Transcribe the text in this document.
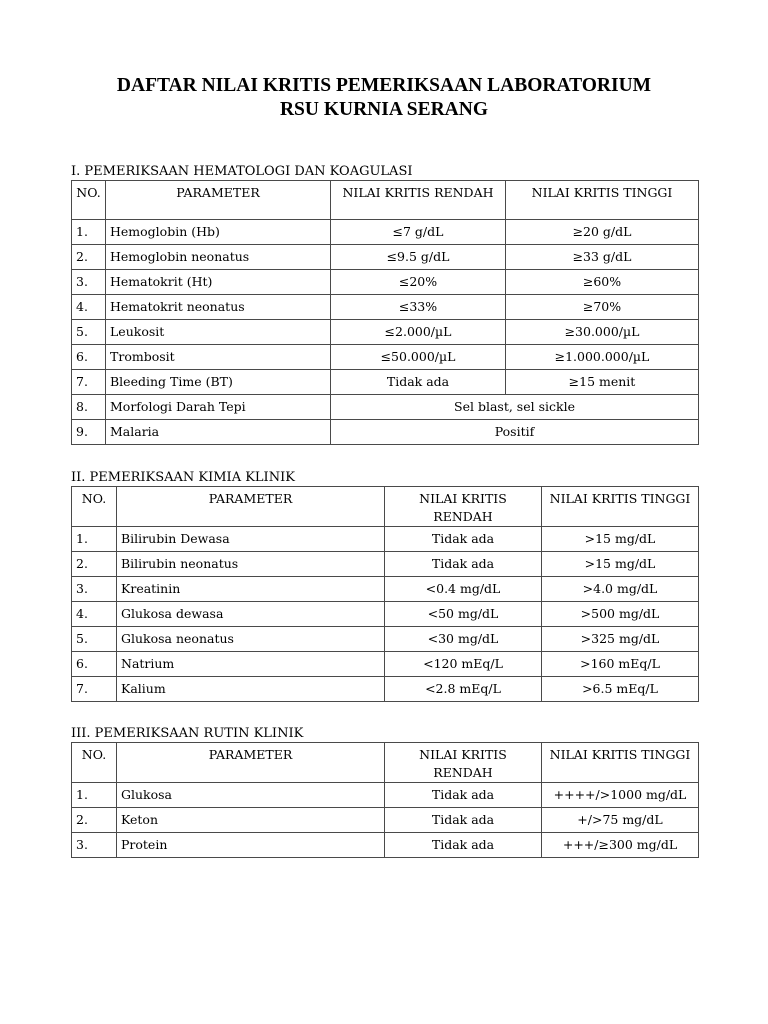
DAFTAR NILAI KRITIS PEMERIKSAAN LABORATORIUM
RSU KURNIA SERANG
I. PEMERIKSAAN HEMATOLOGI DAN KOAGULASI
NO.	PARAMETER	NILAI KRITIS RENDAH	NILAI KRITIS TINGGI
1.	Hemoglobin (Hb)	≤7 g/dL	≥20 g/dL
2.	Hemoglobin neonatus	≤9.5 g/dL	≥33 g/dL
3.	Hematokrit (Ht)	≤20%	≥60%
4.	Hematokrit neonatus	≤33%	≥70%
5.	Leukosit	≤2.000/µL	≥30.000/µL
6.	Trombosit	≤50.000/µL	≥1.000.000/µL
7.	Bleeding Time (BT)	Tidak ada	≥15 menit
8.	Morfologi Darah Tepi	Sel blast, sel sickle	
9.	Malaria	Positif	
II. PEMERIKSAAN KIMIA KLINIK
NO.	PARAMETER	NILAI KRITIS RENDAH	NILAI KRITIS TINGGI
1.	Bilirubin Dewasa	Tidak ada	>15 mg/dL
2.	Bilirubin neonatus	Tidak ada	>15 mg/dL
3.	Kreatinin	<0.4 mg/dL	>4.0 mg/dL
4.	Glukosa dewasa	<50 mg/dL	>500 mg/dL
5.	Glukosa neonatus	<30 mg/dL	>325 mg/dL
6.	Natrium	<120 mEq/L	>160 mEq/L
7.	Kalium	<2.8 mEq/L	>6.5 mEq/L
III. PEMERIKSAAN RUTIN KLINIK
NO.	PARAMETER	NILAI KRITIS RENDAH	NILAI KRITIS TINGGI
1.	Glukosa	Tidak ada	++++/>1000 mg/dL
2.	Keton	Tidak ada	+/>75 mg/dL
3.	Protein	Tidak ada	+++/≥300 mg/dL
